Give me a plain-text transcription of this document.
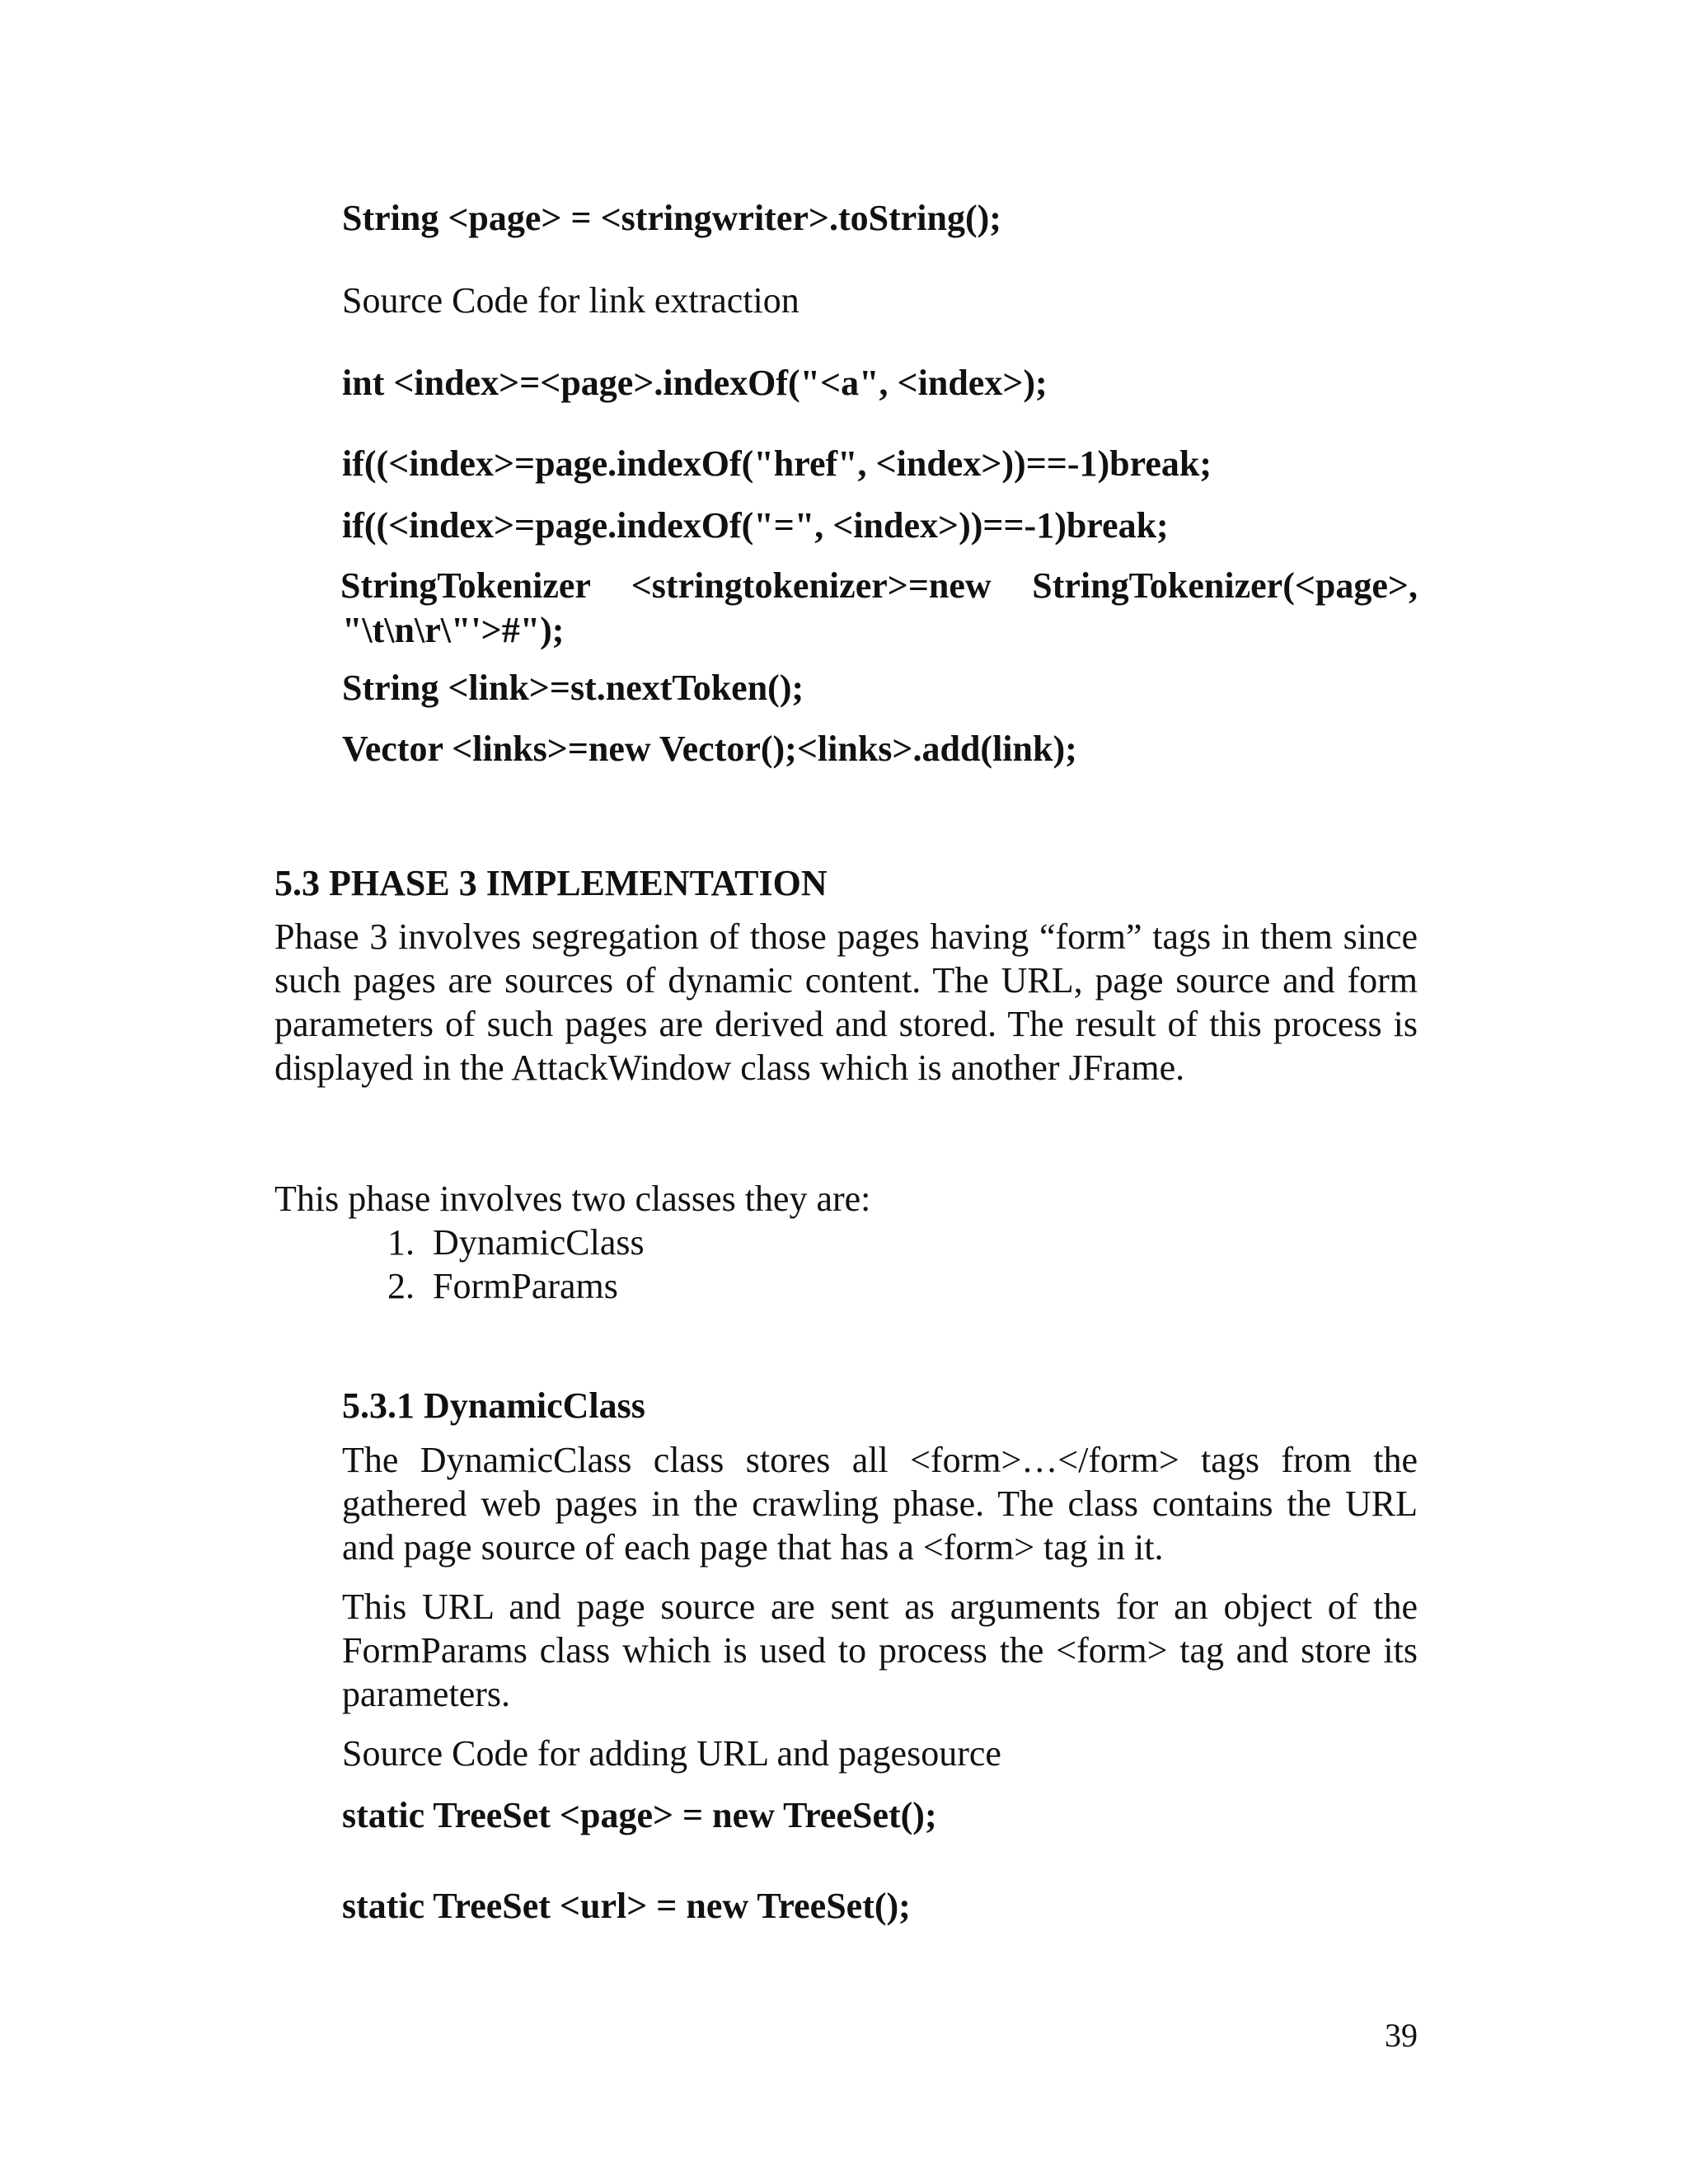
String <page> = <stringwriter>.toString();
Source Code for link extraction
int <index>=<page>.indexOf("<a", <index>);
if((<index>=page.indexOf("href", <index>))==-1)break;
if((<index>=page.indexOf("=", <index>))==-1)break;
StringTokenizer <stringtokenizer>=new StringTokenizer(<page>,
"\t\n\r\"'>#");
String <link>=st.nextToken();
Vector <links>=new Vector();<links>.add(link);
5.3 PHASE 3 IMPLEMENTATION
Phase 3 involves segregation of those pages having “form” tags in them since such pages are sources of dynamic content. The URL, page source and form parameters of such pages are derived and stored. The result of this process is displayed in the AttackWindow class which is another JFrame.
This phase involves two classes they are:
1.  DynamicClass
2.  FormParams
5.3.1 DynamicClass
The DynamicClass class stores all <form>…</form> tags from the gathered web pages in the crawling phase. The class contains the URL and page source of each page that has a <form> tag in it.
This URL and page source are sent as arguments for an object of the FormParams class which is used to process the <form> tag and store its parameters.
Source Code for adding URL and pagesource
static TreeSet <page> = new TreeSet();
static TreeSet <url> = new TreeSet();
39
